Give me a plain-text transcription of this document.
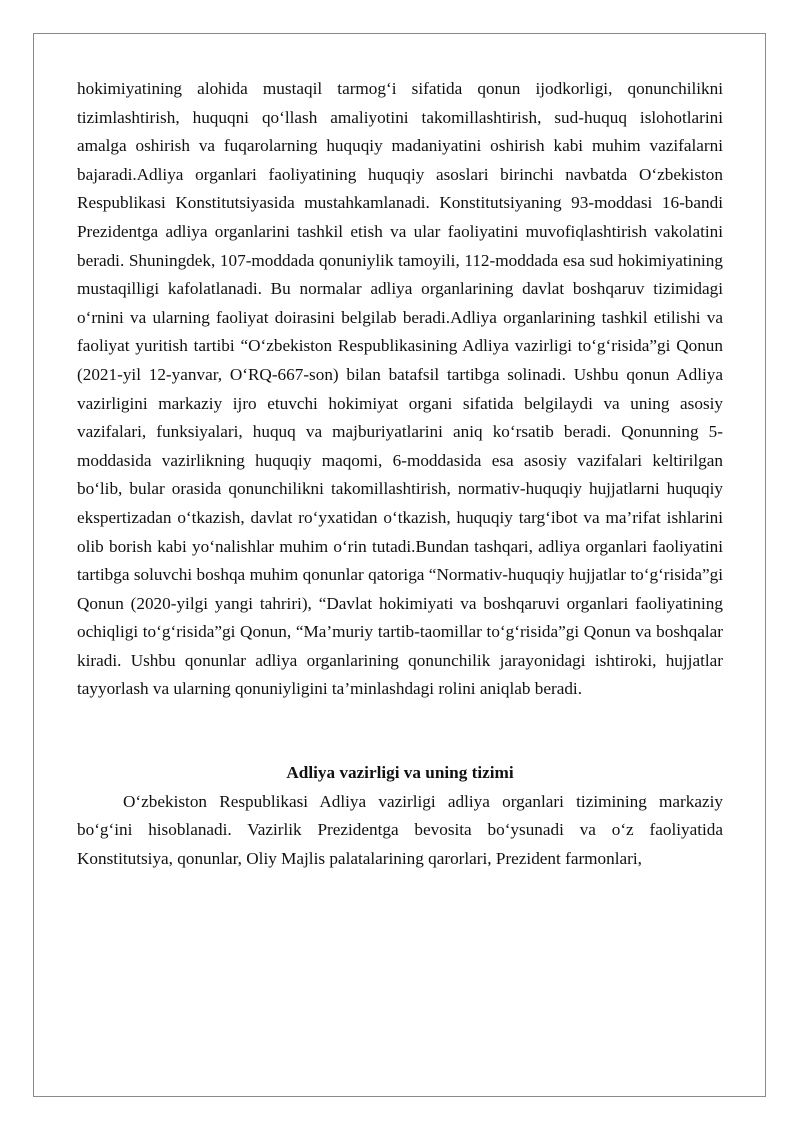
hokimiyatining alohida mustaqil tarmog‘i sifatida qonun ijodkorligi, qonunchilikni tizimlashtirish, huquqni qo‘llash amaliyotini takomillashtirish, sud-huquq islohotlarini amalga oshirish va fuqarolarning huquqiy madaniyatini oshirish kabi muhim vazifalarni bajaradi.Adliya organlari faoliyatining huquqiy asoslari birinchi navbatda O‘zbekiston Respublikasi Konstitutsiyasida mustahkamlanadi. Konstitutsiyaning 93-moddasi 16-bandi Prezidentga adliya organlarini tashkil etish va ular faoliyatini muvofiqlashtirish vakolatini beradi. Shuningdek, 107-moddada qonuniylik tamoyili, 112-moddada esa sud hokimiyatining mustaqilligi kafolatlanadi. Bu normalar adliya organlarining davlat boshqaruv tizimidagi o‘rnini va ularning faoliyat doirasini belgilab beradi.Adliya organlarining tashkil etilishi va faoliyat yuritish tartibi “O‘zbekiston Respublikasining Adliya vazirligi to‘g‘risida”gi Qonun (2021-yil 12-yanvar, O‘RQ-667-son) bilan batafsil tartibga solinadi. Ushbu qonun Adliya vazirligini markaziy ijro etuvchi hokimiyat organi sifatida belgilaydi va uning asosiy vazifalari, funksiyalari, huquq va majburiyatlarini aniq ko‘rsatib beradi. Qonunning 5-moddasida vazirlikning huquqiy maqomi, 6-moddasida esa asosiy vazifalari keltirilgan bo‘lib, bular orasida qonunchilikni takomillashtirish, normativ-huquqiy hujjatlarni huquqiy ekspertizadan o‘tkazish, davlat ro‘yxatidan o‘tkazish, huquqiy targ‘ibot va ma’rifat ishlarini olib borish kabi yo‘nalishlar muhim o‘rin tutadi.Bundan tashqari, adliya organlari faoliyatini tartibga soluvchi boshqa muhim qonunlar qatoriga “Normativ-huquqiy hujjatlar to‘g‘risida”gi Qonun (2020-yilgi yangi tahriri), “Davlat hokimiyati va boshqaruvi organlari faoliyatining ochiqligi to‘g‘risida”gi Qonun, “Ma’muriy tartib-taomillar to‘g‘risida”gi Qonun va boshqalar kiradi. Ushbu qonunlar adliya organlarining qonunchilik jarayonidagi ishtiroki, hujjatlar tayyorlash va ularning qonuniyligini ta’minlashdagi rolini aniqlab beradi.

Adliya vazirligi va uning tizimi

O‘zbekiston Respublikasi Adliya vazirligi adliya organlari tizimining markaziy bo‘g‘ini hisoblanadi. Vazirlik Prezidentga bevosita bo‘ysunadi va o‘z faoliyatida Konstitutsiya, qonunlar, Oliy Majlis palatalarining qarorlari, Prezident farmonlari,
